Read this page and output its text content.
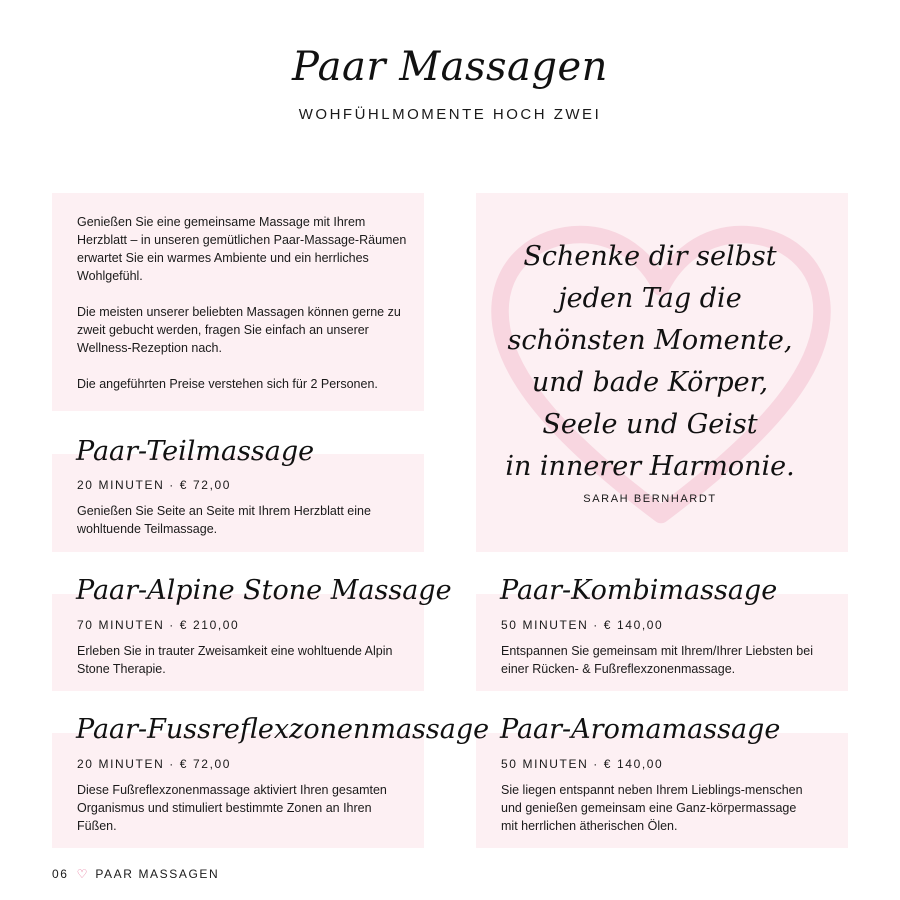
Paar Massagen

WOHFÜHLMOMENTE HOCH ZWEI

Genießen Sie eine gemeinsame Massage mit Ihrem Herzblatt – in unseren gemütlichen Paar-Massage-Räumen erwartet Sie ein warmes Ambiente und ein herrliches Wohlgefühl.

Die meisten unserer beliebten Massagen können gerne zu zweit gebucht werden, fragen Sie einfach an unserer Wellness-Rezeption nach.

Die angeführten Preise verstehen sich für 2 Personen.

Schenke dir selbst
jeden Tag die
schönsten Momente,
und bade Körper,
Seele und Geist
in innerer Harmonie.

SARAH BERNHARDT

Paar-Teilmassage

20 MINUTEN · € 72,00

Genießen Sie Seite an Seite mit Ihrem Herzblatt eine wohltuende Teilmassage.

Paar-Alpine Stone Massage

70 MINUTEN · € 210,00

Erleben Sie in trauter Zweisamkeit eine wohltuende Alpin Stone Therapie.

Paar-Kombimassage

50 MINUTEN · € 140,00

Entspannen Sie gemeinsam mit Ihrem/Ihrer Liebsten bei einer Rücken- & Fußreflexzonenmassage.

Paar-Fussreflexzonenmassage

20 MINUTEN · € 72,00

Diese Fußreflexzonenmassage aktiviert Ihren gesamten Organismus und stimuliert bestimmte Zonen an Ihren Füßen.

Paar-Aromamassage

50 MINUTEN · € 140,00

Sie liegen entspannt neben Ihrem Lieblings-menschen und genießen gemeinsam eine Ganz-körpermassage mit herrlichen ätherischen Ölen.

06 ♡ PAAR MASSAGEN
